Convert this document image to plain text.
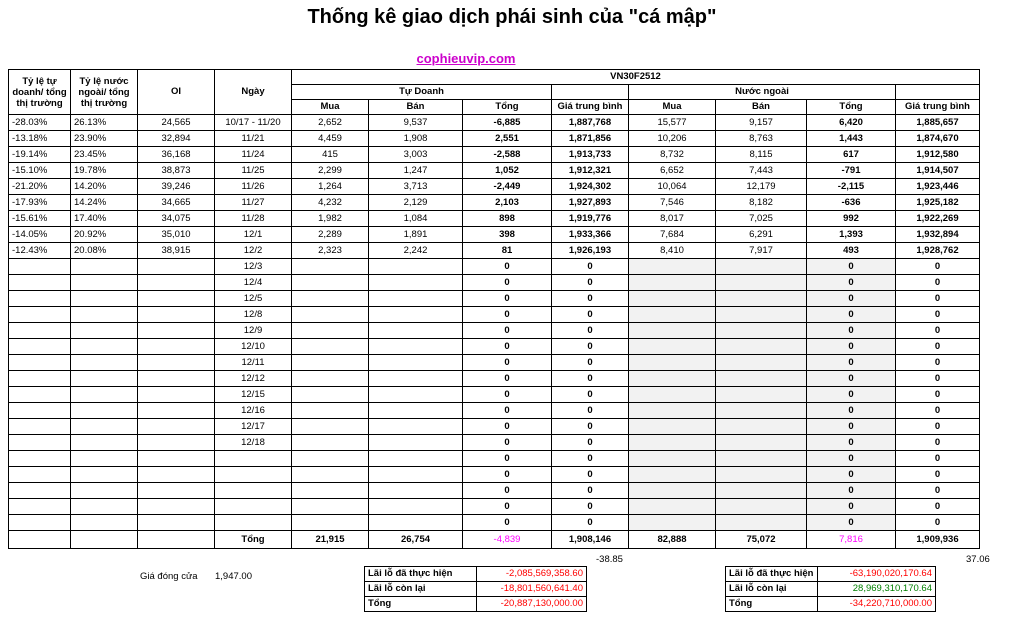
Thống kê giao dịch phái sinh của "cá mập"
cophieuvip.com
Tỷ lệ tự doanh/ tổng thị trường	Tỷ lệ nước ngoài/ tổng thị trường	OI	Ngày	VN30F2512							
				Tự Doanh				Nước ngoài			
				Mua	Bán	Tổng	Giá trung bình	Mua	Bán	Tổng	Giá trung bình
-28.03%	26.13%	24,565	10/17 - 11/20	2,652	9,537	-6,885	1,887,768	15,577	9,157	6,420	1,885,657
-13.18%	23.90%	32,894	11/21	4,459	1,908	2,551	1,871,856	10,206	8,763	1,443	1,874,670
-19.14%	23.45%	36,168	11/24	415	3,003	-2,588	1,913,733	8,732	8,115	617	1,912,580
-15.10%	19.78%	38,873	11/25	2,299	1,247	1,052	1,912,321	6,652	7,443	-791	1,914,507
-21.20%	14.20%	39,246	11/26	1,264	3,713	-2,449	1,924,302	10,064	12,179	-2,115	1,923,446
-17.93%	14.24%	34,665	11/27	4,232	2,129	2,103	1,927,893	7,546	8,182	-636	1,925,182
-15.61%	17.40%	34,075	11/28	1,982	1,084	898	1,919,776	8,017	7,025	992	1,922,269
-14.05%	20.92%	35,010	12/1	2,289	1,891	398	1,933,366	7,684	6,291	1,393	1,932,894
-12.43%	20.08%	38,915	12/2	2,323	2,242	81	1,926,193	8,410	7,917	493	1,928,762
			12/3			0	0			0	0
			12/4			0	0			0	0
			12/5			0	0			0	0
			12/8			0	0			0	0
			12/9			0	0			0	0
			12/10			0	0			0	0
			12/11			0	0			0	0
			12/12			0	0			0	0
			12/15			0	0			0	0
			12/16			0	0			0	0
			12/17			0	0			0	0
			12/18			0	0			0	0
						0	0			0	0
						0	0			0	0
						0	0			0	0
						0	0			0	0
						0	0			0	0
			Tổng	21,915	26,754	-4,839	1,908,146	82,888	75,072	7,816	1,909,936
-38.85	37.06
Giá đóng cửa 1,947.00	Lãi lỗ đã thực hiện	-2,085,569,358.60
Lãi lỗ còn lại	-18,801,560,641.40
Tổng	-20,887,130,000.00
Lãi lỗ đã thực hiện	-63,190,020,170.64
Lãi lỗ còn lại	28,969,310,170.64
Tổng	-34,220,710,000.00
